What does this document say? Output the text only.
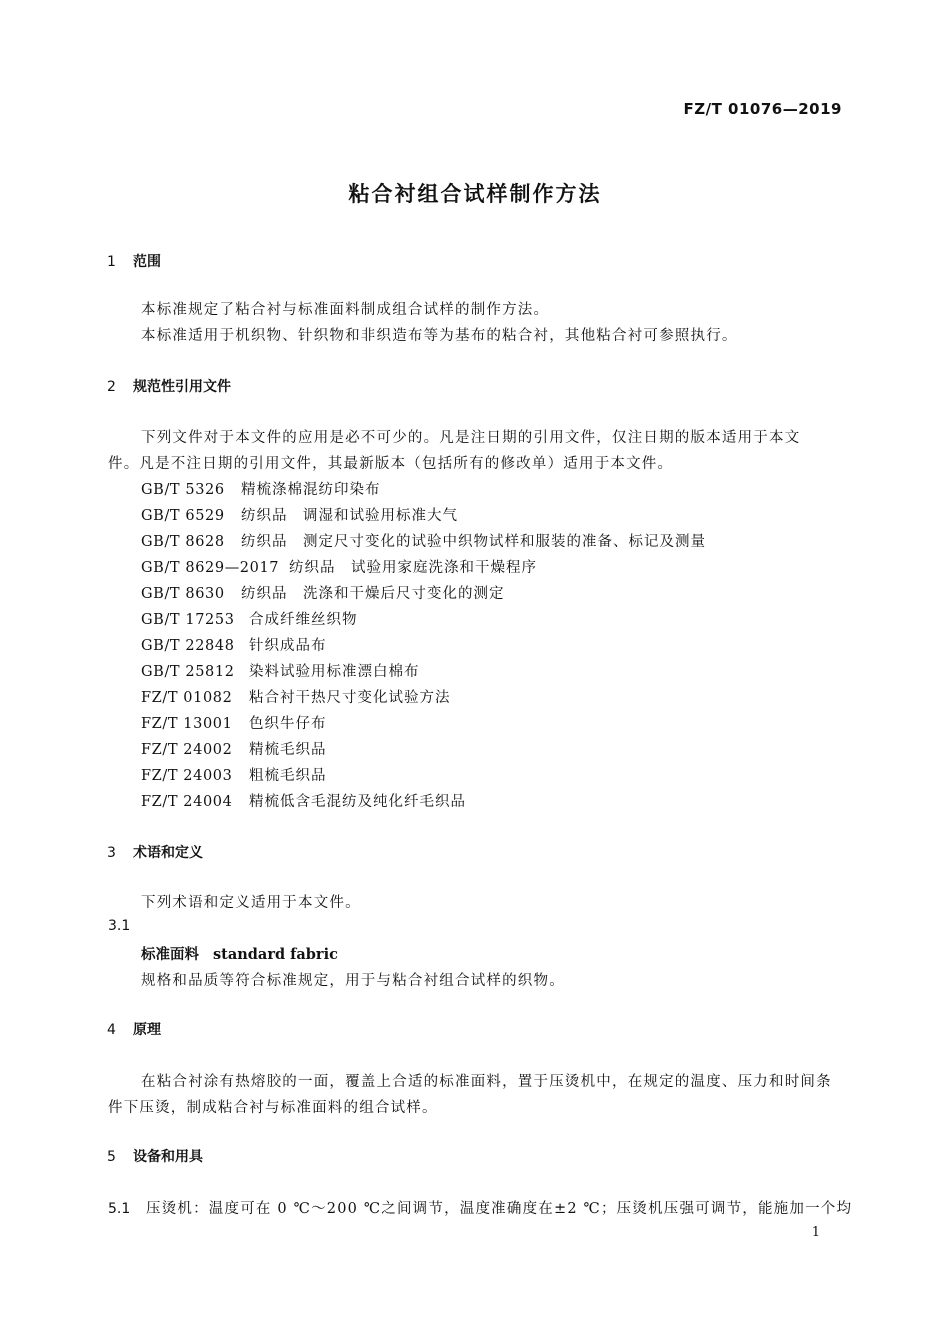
FZ/T 01076—2019
粘合衬组合试样制作方法
1 范围
本标准规定了粘合衬与标准面料制成组合试样的制作方法。
本标准适用于机织物、针织物和非织造布等为基布的粘合衬，其他粘合衬可参照执行。
2 规范性引用文件
下列文件对于本文件的应用是必不可少的。凡是注日期的引用文件，仅注日期的版本适用于本文
件。凡是不注日期的引用文件，其最新版本（包括所有的修改单）适用于本文件。
GB/T 5326 精梳涤棉混纺印染布
GB/T 6529 纺织品　调湿和试验用标准大气
GB/T 8628 纺织品　测定尺寸变化的试验中织物试样和服装的准备、标记及测量
GB/T 8629—2017 纺织品　试验用家庭洗涤和干燥程序
GB/T 8630 纺织品　洗涤和干燥后尺寸变化的测定
GB/T 17253 合成纤维丝织物
GB/T 22848 针织成品布
GB/T 25812 染料试验用标准漂白棉布
FZ/T 01082 粘合衬干热尺寸变化试验方法
FZ/T 13001 色织牛仔布
FZ/T 24002 精梳毛织品
FZ/T 24003 粗梳毛织品
FZ/T 24004 精梳低含毛混纺及纯化纤毛织品
3 术语和定义
下列术语和定义适用于本文件。
3.1
标准面料 standard fabric
规格和品质等符合标准规定，用于与粘合衬组合试样的织物。
4 原理
在粘合衬涂有热熔胶的一面，覆盖上合适的标准面料，置于压烫机中，在规定的温度、压力和时间条
件下压烫，制成粘合衬与标准面料的组合试样。
5 设备和用具
5.1 压烫机：温度可在 0 ℃～200 ℃之间调节，温度准确度在±2 ℃；压烫机压强可调节，能施加一个均
1
